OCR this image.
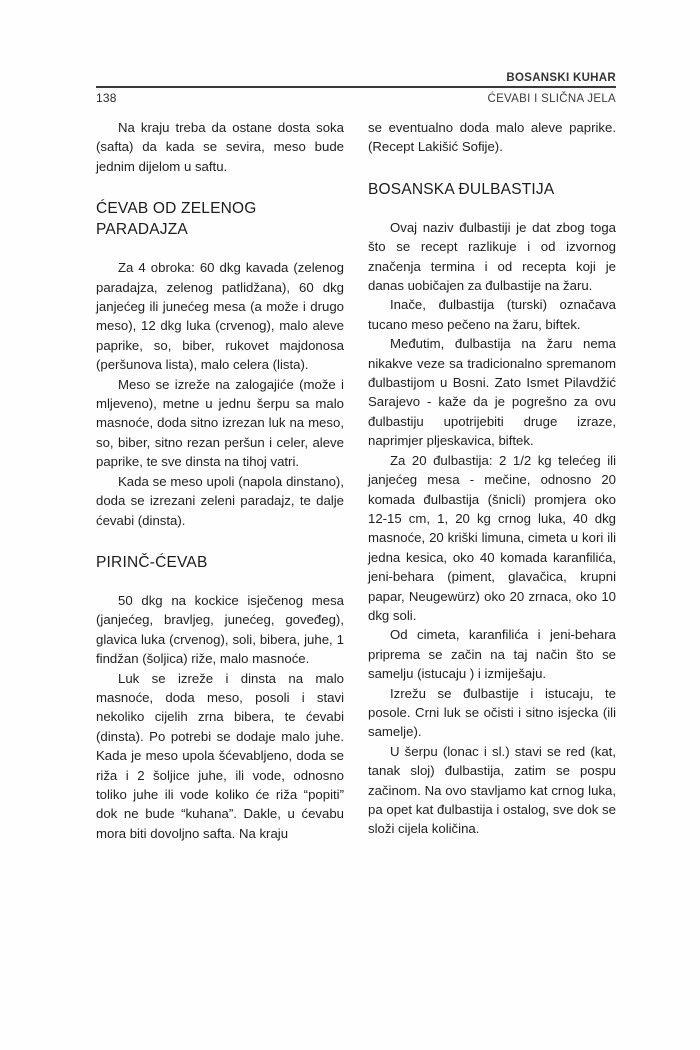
BOSANSKI KUHAR
138	ĆEVABI I SLIČNA JELA

Na kraju treba da ostane dosta soka (safta) da kada se sevira, meso bude jednim dijelom u saftu.

ĆEVAB OD ZELENOG PARADAJZA

Za 4 obroka: 60 dkg kavada (zelenog paradajza, zelenog patlidžana), 60 dkg janjećeg ili junećeg mesa (a može i drugo meso), 12 dkg luka (crvenog), malo aleve paprike, so, biber, rukovet majdonosa (peršunova lista), malo celera (lista).

Meso se izreže na zalogajiće (može i mljeveno), metne u jednu šerpu sa malo masnoće, doda sitno izrezan luk na meso, so, biber, sitno rezan peršun i celer, aleve paprike, te sve dinsta na tihoj vatri.

Kada se meso upoli (napola dinstano), doda se izrezani zeleni paradajz, te dalje ćevabi (dinsta).

PIRINČ-ĆEVAB

50 dkg na kockice isječenog mesa (janjećeg, bravljeg, junećeg, goveđeg), glavica luka (crvenog), soli, bibera, juhe, 1 findžan (šoljica) riže, malo masnoće.

Luk se izreže i dinsta na malo masnoće, doda meso, posoli i stavi nekoliko cijelih zrna bibera, te ćevabi (dinsta). Po potrebi se dodaje malo juhe. Kada je meso upola šćevabljeno, doda se riža i 2 šoljice juhe, ili vode, odnosno toliko juhe ili vode koliko će riža “popiti” dok ne bude “kuhana”. Dakle, u ćevabu mora biti dovoljno safta. Na kraju

se eventualno doda malo aleve paprike. (Recept Lakišić Sofije).

BOSANSKA ĐULBASTIJA

Ovaj naziv đulbastiji je dat zbog toga što se recept razlikuje i od izvornog značenja termina i od recepta koji je danas uobičajen za đulbastije na žaru.

Inače, đulbastija (turski) označava tucano meso pečeno na žaru, biftek.

Međutim, đulbastija na žaru nema nikakve veze sa tradicionalno spremanom đulbastijom u Bosni. Zato Ismet Pilavdžić Sarajevo - kaže da je pogrešno za ovu đulbastiju upotrijebiti druge izraze, naprimjer pljeskavica, biftek.

Za 20 đulbastija: 2 1/2 kg telećeg ili janjećeg mesa - mečine, odnosno 20 komada đulbastija (šnicli) promjera oko 12-15 cm, 1, 20 kg crnog luka, 40 dkg masnoće, 20 kriški limuna, cimeta u kori ili jedna kesica, oko 40 komada karanfilića, jeni-behara (piment, glavačica, krupni papar, Neugewürz) oko 20 zrnaca, oko 10 dkg soli.

Od cimeta, karanfilića i jeni-behara priprema se začin na taj način što se samelju (istucaju ) i izmiješaju.

Izrežu se đulbastije i istucaju, te posole. Crni luk se očisti i sitno isjecka (ili samelje).

U šerpu (lonac i sl.) stavi se red (kat, tanak sloj) đulbastija, zatim se pospu začinom. Na ovo stavljamo kat crnog luka, pa opet kat đulbastija i ostalog, sve dok se složi cijela količina.
